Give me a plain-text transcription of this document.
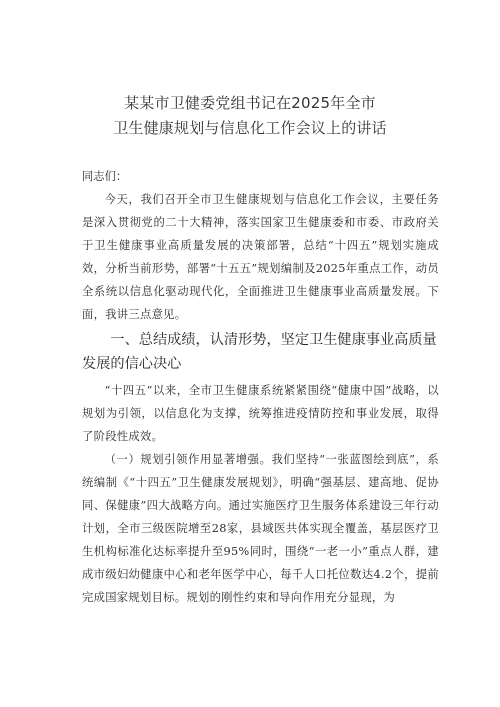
某某市卫健委党组书记在2025年全市
卫生健康规划与信息化工作会议上的讲话

同志们：

今天，我们召开全市卫生健康规划与信息化工作会议，主要任务是深入贯彻党的二十大精神，落实国家卫生健康委和市委、市政府关于卫生健康事业高质量发展的决策部署，总结“十四五”规划实施成效，分析当前形势，部署“十五五”规划编制及2025年重点工作，动员全系统以信息化驱动现代化，全面推进卫生健康事业高质量发展。下面，我讲三点意见。

一、总结成绩，认清形势，坚定卫生健康事业高质量发展的信心决心

“十四五”以来，全市卫生健康系统紧紧围绕“健康中国”战略，以规划为引领，以信息化为支撑，统筹推进疫情防控和事业发展，取得了阶段性成效。

（一）规划引领作用显著增强。我们坚持“一张蓝图绘到底”，系统编制《“十四五”卫生健康发展规划》，明确“强基层、建高地、促协同、保健康”四大战略方向。通过实施医疗卫生服务体系建设三年行动计划，全市三级医院增至28家，县域医共体实现全覆盖，基层医疗卫生机构标准化达标率提升至95%同时，围绕“一老一小”重点人群，建成市级妇幼健康中心和老年医学中心，每千人口托位数达4.2个，提前完成国家规划目标。规划的刚性约束和导向作用充分显现，为
